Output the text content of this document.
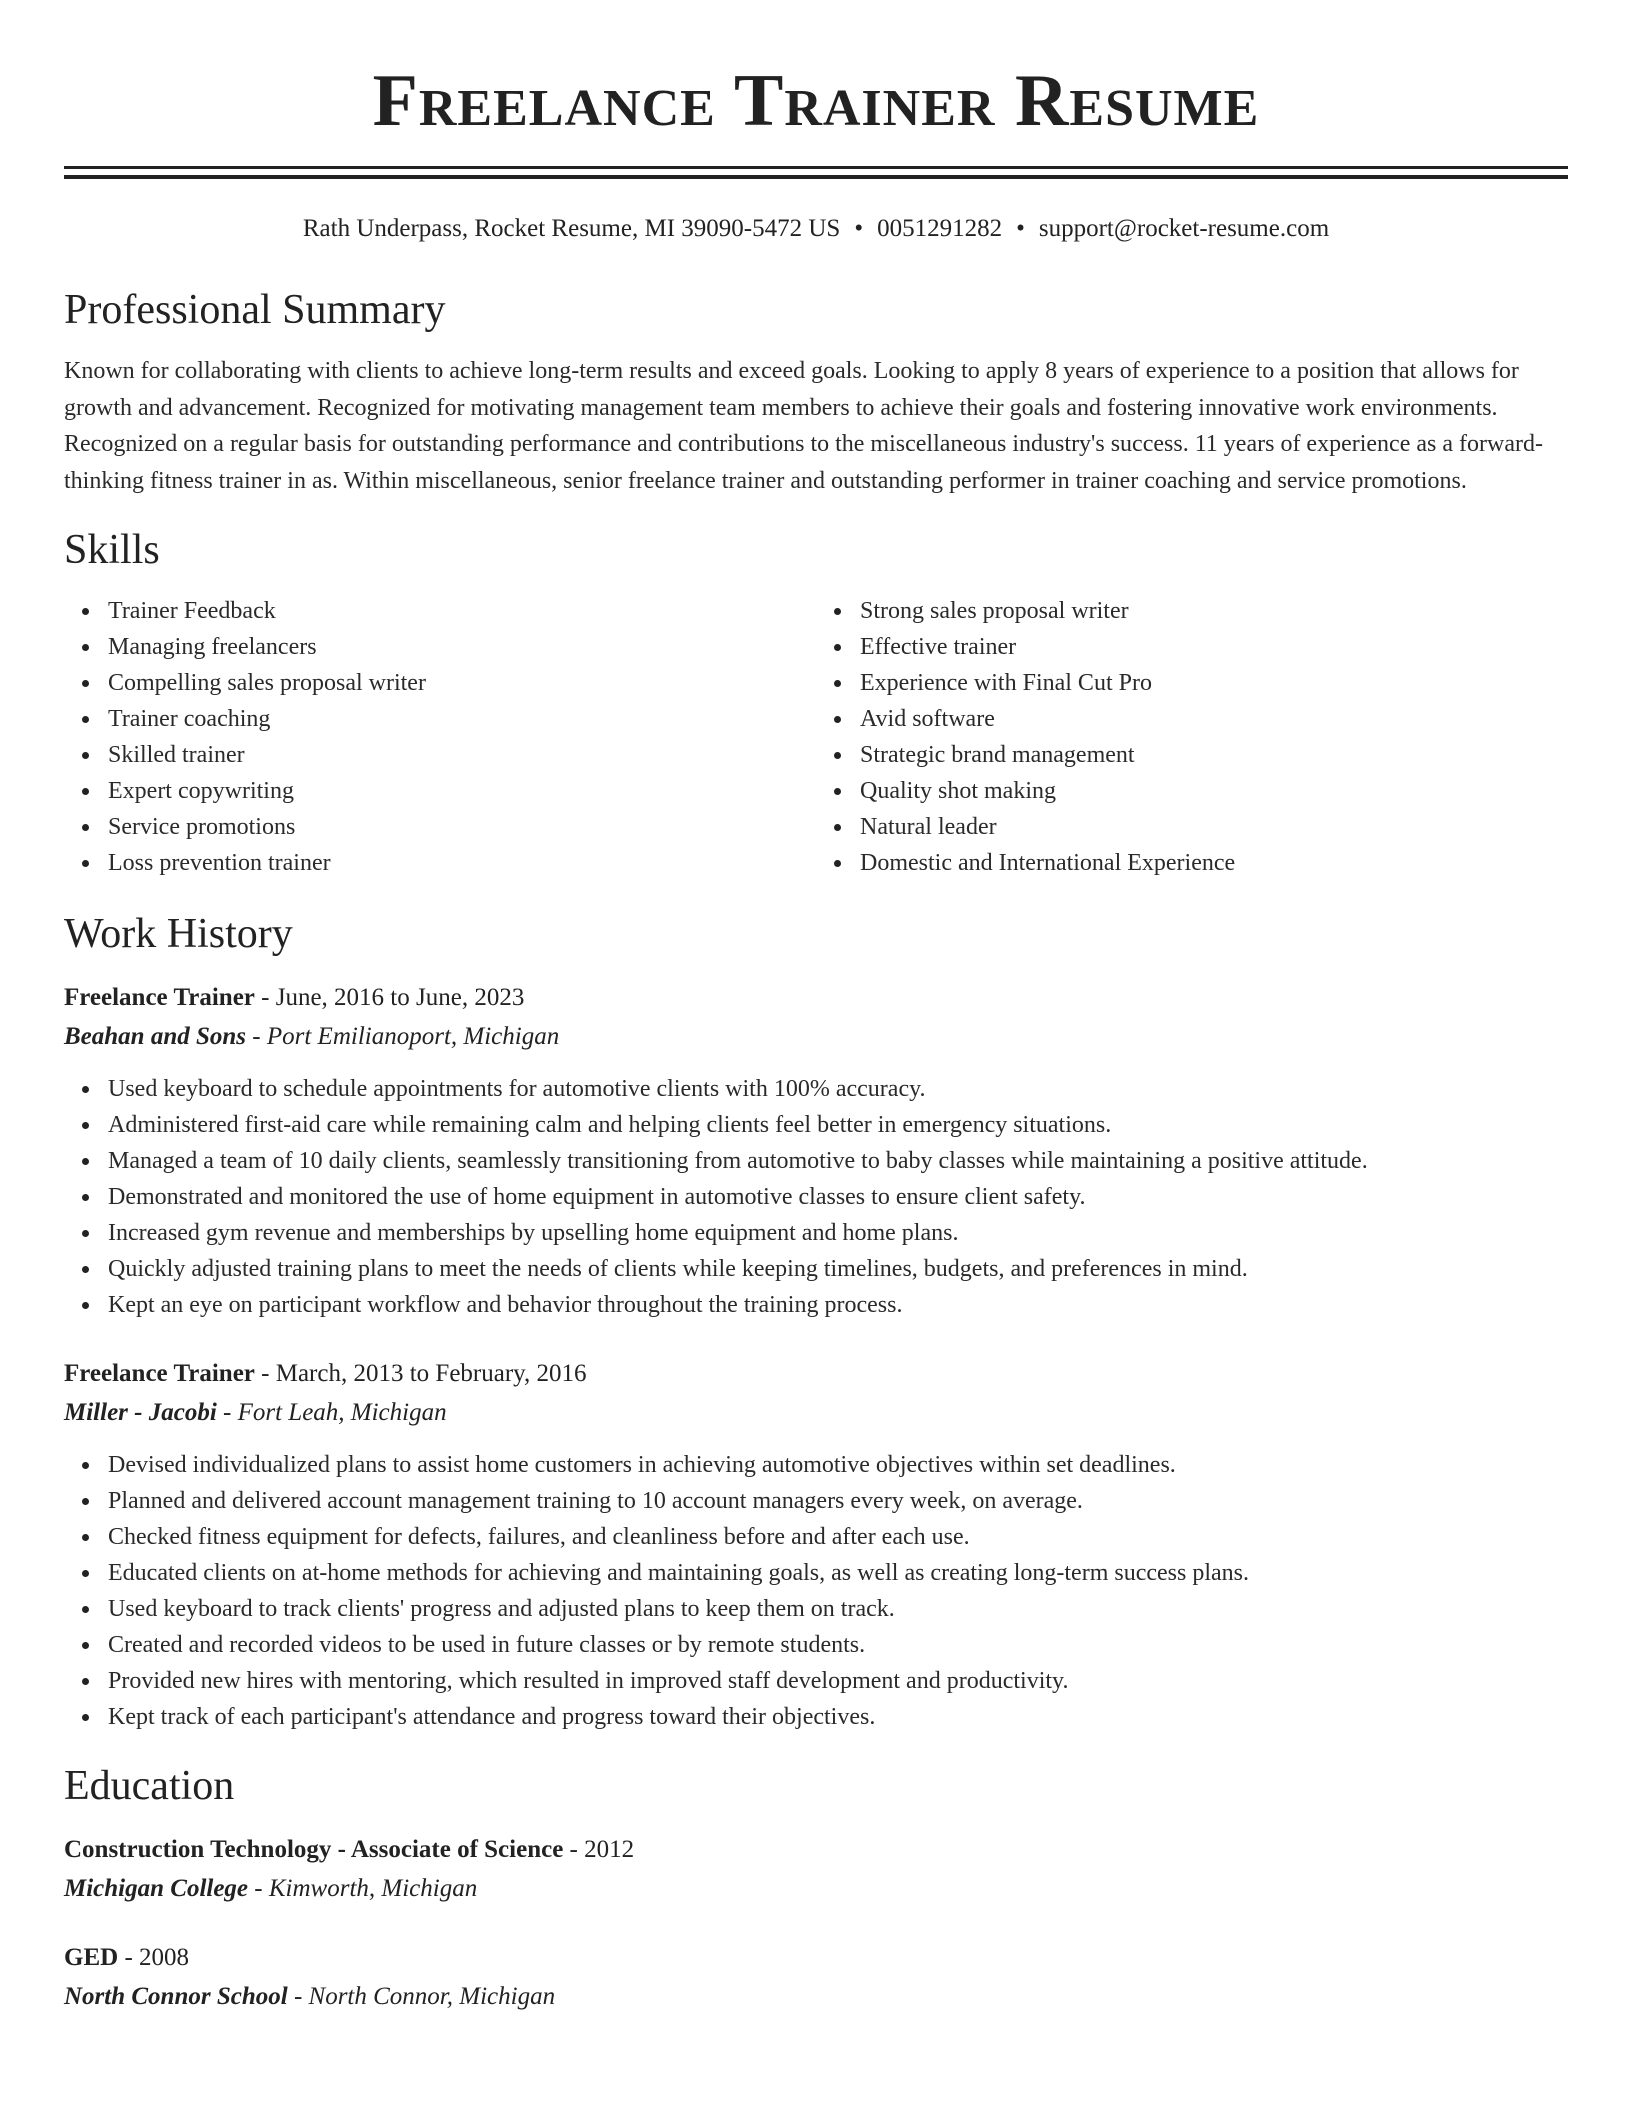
Freelance Trainer Resume
Rath Underpass, Rocket Resume, MI 39090-5472 US • 0051291282 • support@rocket-resume.com
Professional Summary

Known for collaborating with clients to achieve long-term results and exceed goals. Looking to apply 8 years of experience to a position that allows for growth and advancement. Recognized for motivating management team members to achieve their goals and fostering innovative work environments. Recognized on a regular basis for outstanding performance and contributions to the miscellaneous industry's success. 11 years of experience as a forward-thinking fitness trainer in as. Within miscellaneous, senior freelance trainer and outstanding performer in trainer coaching and service promotions.

Skills
Trainer Feedback
Managing freelancers
Compelling sales proposal writer
Trainer coaching
Skilled trainer
Expert copywriting
Service promotions
Loss prevention trainer
Strong sales proposal writer
Effective trainer
Experience with Final Cut Pro
Avid software
Strategic brand management
Quality shot making
Natural leader
Domestic and International Experience
Work History
Freelance Trainer - June, 2016 to June, 2023
Beahan and Sons - Port Emilianoport, Michigan
Used keyboard to schedule appointments for automotive clients with 100% accuracy.
Administered first-aid care while remaining calm and helping clients feel better in emergency situations.
Managed a team of 10 daily clients, seamlessly transitioning from automotive to baby classes while maintaining a positive attitude.
Demonstrated and monitored the use of home equipment in automotive classes to ensure client safety.
Increased gym revenue and memberships by upselling home equipment and home plans.
Quickly adjusted training plans to meet the needs of clients while keeping timelines, budgets, and preferences in mind.
Kept an eye on participant workflow and behavior throughout the training process.
Freelance Trainer - March, 2013 to February, 2016
Miller - Jacobi - Fort Leah, Michigan
Devised individualized plans to assist home customers in achieving automotive objectives within set deadlines.
Planned and delivered account management training to 10 account managers every week, on average.
Checked fitness equipment for defects, failures, and cleanliness before and after each use.
Educated clients on at-home methods for achieving and maintaining goals, as well as creating long-term success plans.
Used keyboard to track clients' progress and adjusted plans to keep them on track.
Created and recorded videos to be used in future classes or by remote students.
Provided new hires with mentoring, which resulted in improved staff development and productivity.
Kept track of each participant's attendance and progress toward their objectives.
Education
Construction Technology - Associate of Science - 2012
Michigan College - Kimworth, Michigan
GED - 2008
North Connor School - North Connor, Michigan
